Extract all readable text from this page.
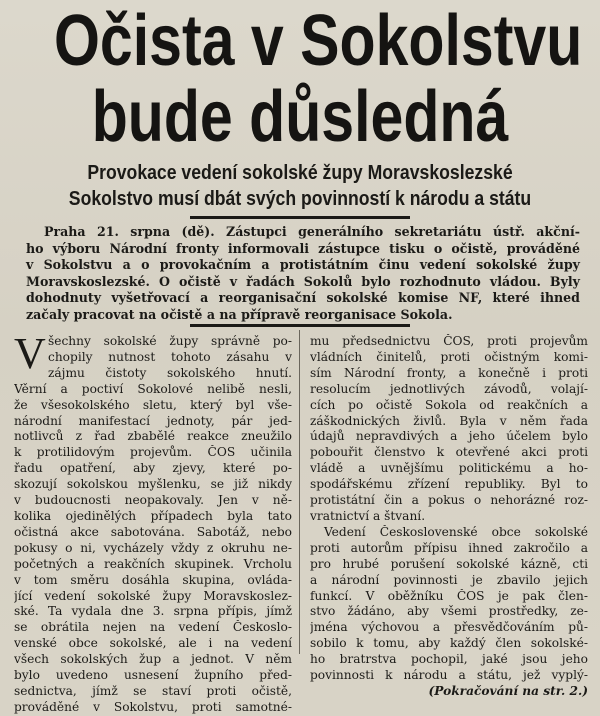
Očista v Sokolstvu
bude důsledná
Provokace vedení sokolské župy Moravskoslezské
Sokolstvo musí dbát svých povinností k národu a státu
Praha 21. srpna (dě). Zástupci generálního sekretariátu ústř. akční-
ho výboru Národní fronty informovali zástupce tisku o očistě, prováděné
v Sokolstvu a o provokačním a protistátním činu vedení sokolské župy
Moravskoslezské. O očistě v řadách Sokolů bylo rozhodnuto vládou. Byly
dohodnuty vyšetřovací a reorganisační sokolské komise NF, které ihned
začaly pracovat na očistě a na přípravě reorganisace Sokola.
V šechny sokolské župy správně po-
chopily nutnost tohoto zásahu v
zájmu čistoty sokolského hnutí.
Věrní a poctiví Sokolové nelibě nesli,
že všesokolského sletu, který byl vše-
národní manifestací jednoty, pár jed-
notlivců z řad zbabělé reakce zneužilo
k protilidovým projevům. ČOS učinila
řadu opatření, aby zjevy, které po-
skozují sokolskou myšlenku, se již nikdy
v budoucnosti neopakovaly. Jen v ně-
kolika ojedinělých případech byla tato
očistná akce sabotována. Sabotáž, nebo
pokusy o ni, vycházely vždy z okruhu ne-
početných a reakčních skupinek. Vrcholu
v tom směru dosáhla skupina, ovláda-
jící vedení sokolské župy Moravskoslez-
ské. Ta vydala dne 3. srpna přípis, jímž
se obrátila nejen na vedení Českoslo-
venské obce sokolské, ale i na vedení
všech sokolských žup a jednot. V něm
bylo uvedeno usnesení župního před-
sednictva, jímž se staví proti očistě,
prováděné v Sokolstvu, proti samotné-
mu předsednictvu ČOS, proti projevům
vládních činitelů, proti očistným komi-
sím Národní fronty, a konečně i proti
resolucím jednotlivých závodů, volají-
cích po očistě Sokola od reakčních a
záškodnických živlů. Byla v něm řada
údajů nepravdivých a jeho účelem bylo
pobouřit členstvo k otevřené akci proti
vládě a uvnějšímu politickému a ho-
spodářskému zřízení republiky. Byl to
protistátní čin a pokus o nehorázné roz-
vratnictví a štvaní.
Vedení Československé obce sokolské
proti autorům přípisu ihned zakročilo a
pro hrubé porušení sokolské kázně, cti
a národní povinnosti je zbavilo jejich
funkcí. V oběžníku ČOS je pak člen-
stvo žádáno, aby všemi prostředky, ze-
jména výchovou a přesvědčováním pů-
sobilo k tomu, aby každý člen sokolské-
ho bratrstva pochopil, jaké jsou jeho
povinnosti k národu a státu, jež vyplý-
(Pokračování na str. 2.)
